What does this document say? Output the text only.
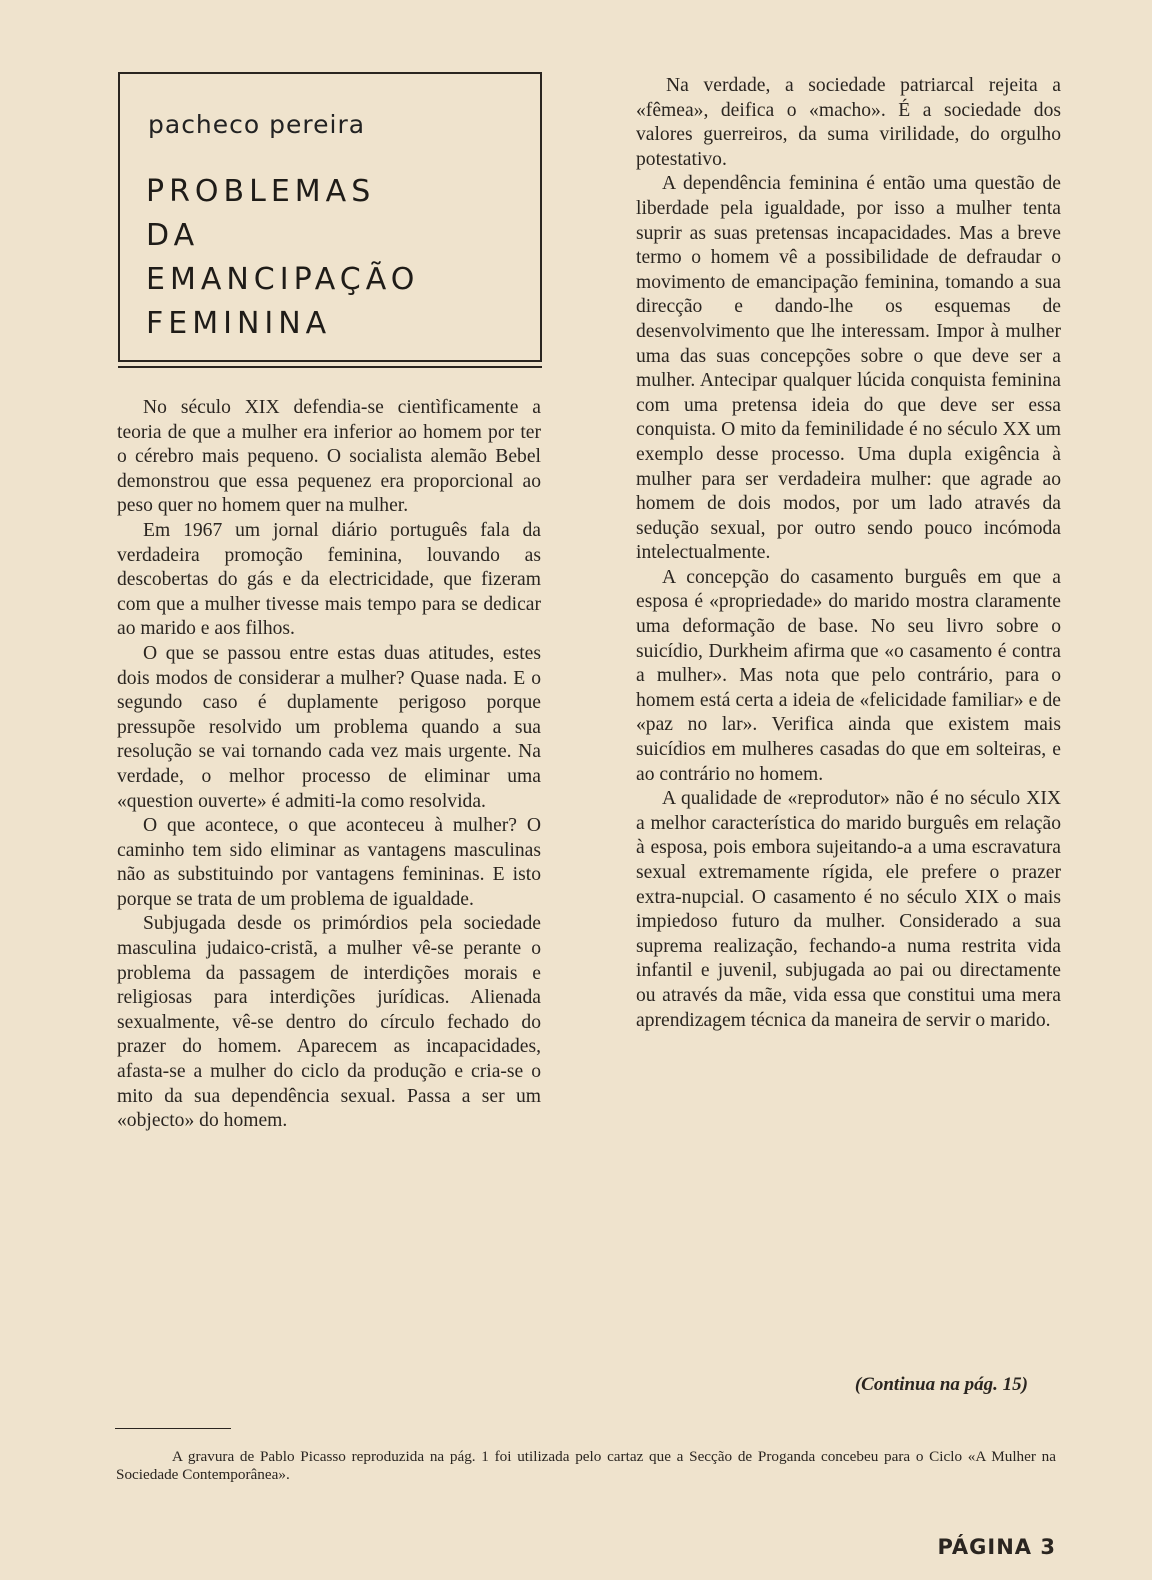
pacheco pereira
PROBLEMAS
DA
EMANCIPAÇÃO
FEMININA

No século XIX defendia-se cientìficamente a teoria de que a mulher era inferior ao homem por ter o cérebro mais pequeno. O socialista alemão Bebel demonstrou que essa pequenez era proporcional ao peso quer no homem quer na mulher.

Em 1967 um jornal diário português fala da verdadeira promoção feminina, louvando as descobertas do gás e da electricidade, que fizeram com que a mulher tivesse mais tempo para se dedicar ao marido e aos filhos.

O que se passou entre estas duas atitudes, estes dois modos de considerar a mulher? Quase nada. E o segundo caso é duplamente perigoso porque pressupõe resolvido um problema quando a sua resolução se vai tornando cada vez mais urgente. Na verdade, o melhor processo de eliminar uma «question ouverte» é admiti-la como resolvida.

O que acontece, o que aconteceu à mulher? O caminho tem sido eliminar as vantagens masculinas não as substituindo por vantagens femininas. E isto porque se trata de um problema de igualdade.

Subjugada desde os primórdios pela sociedade masculina judaico-cristã, a mulher vê-se perante o problema da passagem de interdições morais e religiosas para interdições jurídicas. Alienada sexualmente, vê-se dentro do círculo fechado do prazer do homem. Aparecem as incapacidades, afasta-se a mulher do ciclo da produção e cria-se o mito da sua dependência sexual. Passa a ser um «objecto» do homem.

Na verdade, a sociedade patriarcal rejeita a «fêmea», deifica o «macho». É a sociedade dos valores guerreiros, da suma virilidade, do orgulho potestativo.

A dependência feminina é então uma questão de liberdade pela igualdade, por isso a mulher tenta suprir as suas pretensas incapacidades. Mas a breve termo o homem vê a possibilidade de defraudar o movimento de emancipação feminina, tomando a sua direcção e dando-lhe os esquemas de desenvolvimento que lhe interessam. Impor à mulher uma das suas concepções sobre o que deve ser a mulher. Antecipar qualquer lúcida conquista feminina com uma pretensa ideia do que deve ser essa conquista. O mito da feminilidade é no século XX um exemplo desse processo. Uma dupla exigência à mulher para ser verdadeira mulher: que agrade ao homem de dois modos, por um lado através da sedução sexual, por outro sendo pouco incómoda intelectualmente.

A concepção do casamento burguês em que a esposa é «propriedade» do marido mostra claramente uma deformação de base. No seu livro sobre o suicídio, Durkheim afirma que «o casamento é contra a mulher». Mas nota que pelo contrário, para o homem está certa a ideia de «felicidade familiar» e de «paz no lar». Verifica ainda que existem mais suicídios em mulheres casadas do que em solteiras, e ao contrário no homem.

A qualidade de «reprodutor» não é no século XIX a melhor característica do marido burguês em relação à esposa, pois embora sujeitando-a a uma escravatura sexual extremamente rígida, ele prefere o prazer extra-nupcial. O casamento é no século XIX o mais impiedoso futuro da mulher. Considerado a sua suprema realização, fechando-a numa restrita vida infantil e juvenil, subjugada ao pai ou directamente ou através da mãe, vida essa que constitui uma mera aprendizagem técnica da maneira de servir o marido.

(Continua na pág. 15)

A gravura de Pablo Picasso reproduzida na pág. 1 foi utilizada pelo cartaz que a Secção de Proganda concebeu para o Ciclo «A Mulher na Sociedade Contemporânea».

PÁGINA 3
